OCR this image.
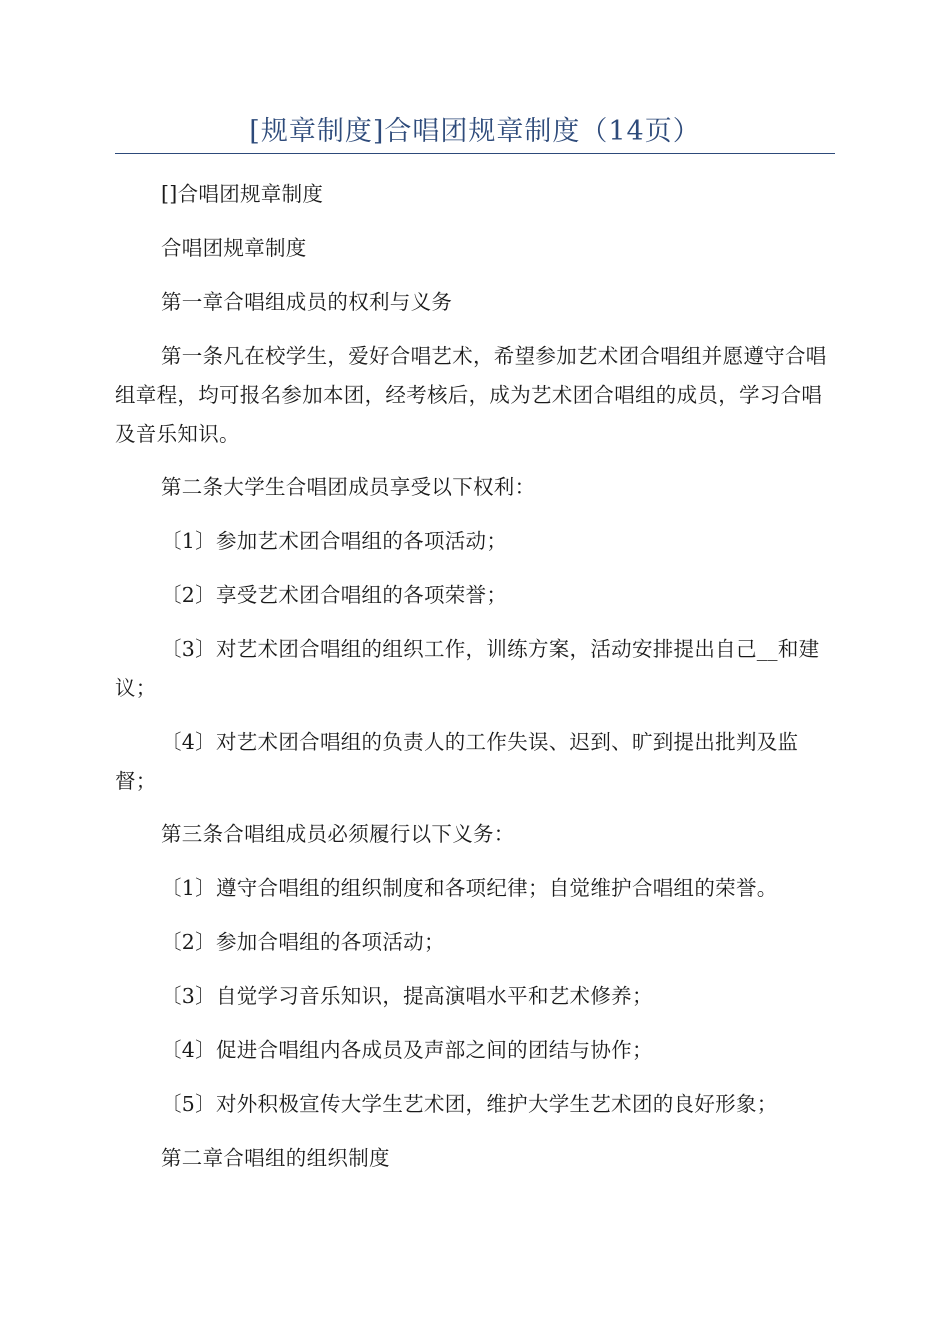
[规章制度]合唱团规章制度（14页）

[]合唱团规章制度

合唱团规章制度

第一章合唱组成员的权利与义务

第一条凡在校学生，爱好合唱艺术，希望参加艺术团合唱组并愿遵守合唱组章程，均可报名参加本团，经考核后，成为艺术团合唱组的成员，学习合唱及音乐知识。

第二条大学生合唱团成员享受以下权利：

〔1〕参加艺术团合唱组的各项活动；

〔2〕享受艺术团合唱组的各项荣誉；

〔3〕对艺术团合唱组的组织工作，训练方案，活动安排提出自己__和建议；

〔4〕对艺术团合唱组的负责人的工作失误、迟到、旷到提出批判及监督；

第三条合唱组成员必须履行以下义务：

〔1〕遵守合唱组的组织制度和各项纪律；自觉维护合唱组的荣誉。

〔2〕参加合唱组的各项活动；

〔3〕自觉学习音乐知识，提高演唱水平和艺术修养；

〔4〕促进合唱组内各成员及声部之间的团结与协作；

〔5〕对外积极宣传大学生艺术团，维护大学生艺术团的良好形象；

第二章合唱组的组织制度
